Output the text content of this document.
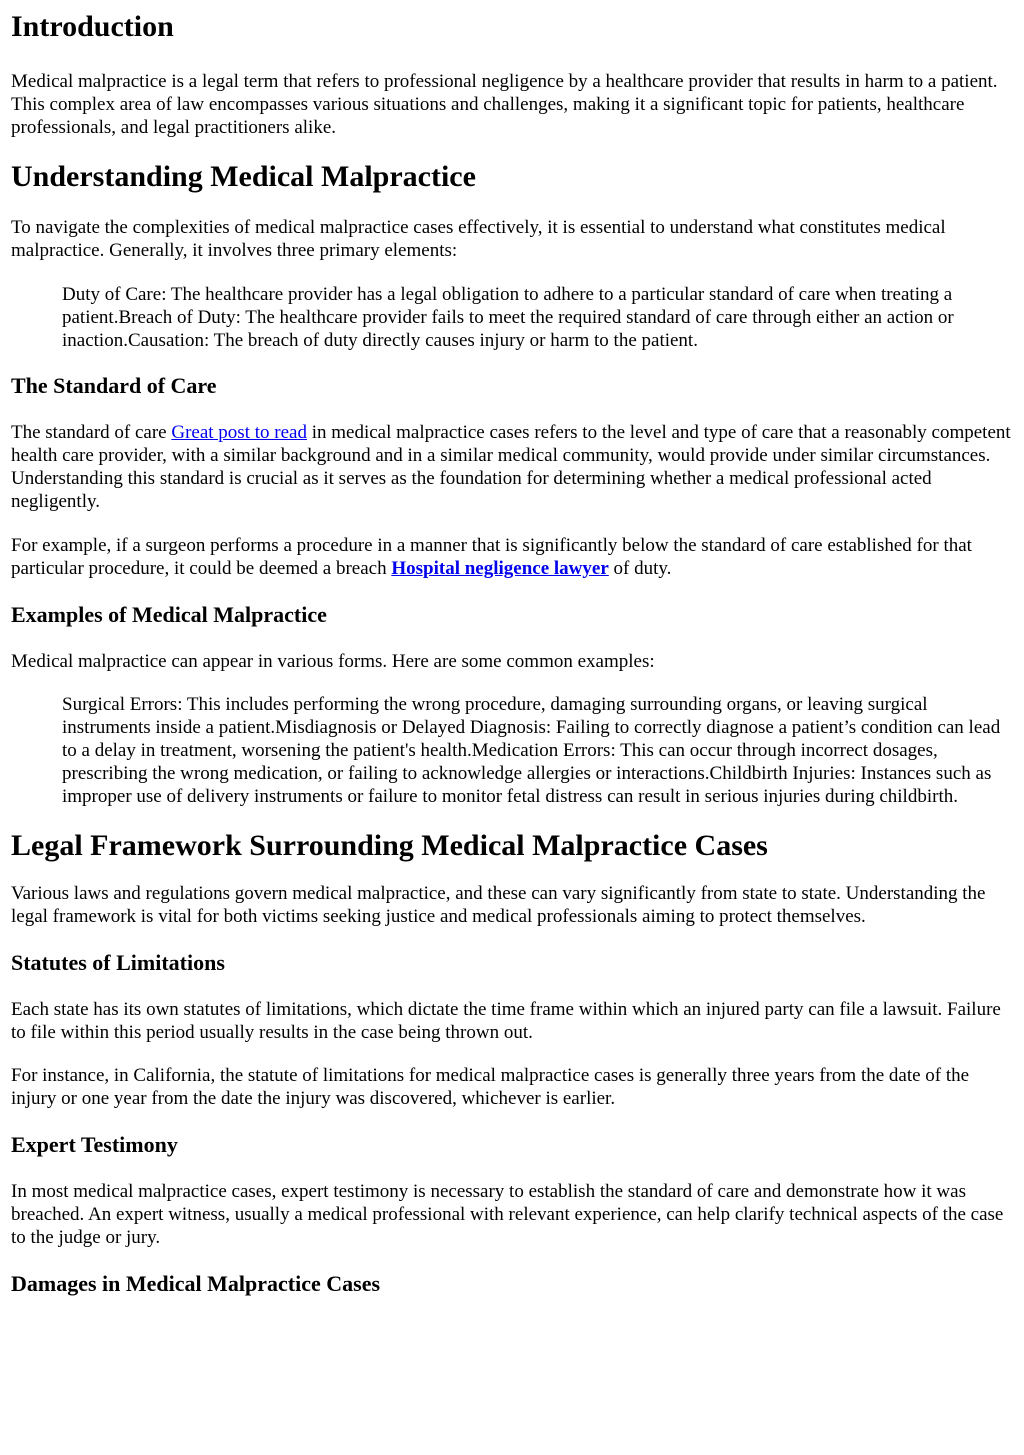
Introduction

Medical malpractice is a legal term that refers to professional negligence by a healthcare provider that results in harm to a patient. This complex area of law encompasses various situations and challenges, making it a significant topic for patients, healthcare professionals, and legal practitioners alike.

Understanding Medical Malpractice

To navigate the complexities of medical malpractice cases effectively, it is essential to understand what constitutes medical malpractice. Generally, it involves three primary elements:

Duty of Care: The healthcare provider has a legal obligation to adhere to a particular standard of care when treating a patient.Breach of Duty: The healthcare provider fails to meet the required standard of care through either an action or inaction.Causation: The breach of duty directly causes injury or harm to the patient.

The Standard of Care

The standard of care Great post to read in medical malpractice cases refers to the level and type of care that a reasonably competent health care provider, with a similar background and in a similar medical community, would provide under similar circumstances. Understanding this standard is crucial as it serves as the foundation for determining whether a medical professional acted negligently.

For example, if a surgeon performs a procedure in a manner that is significantly below the standard of care established for that particular procedure, it could be deemed a breach Hospital negligence lawyer of duty.

Examples of Medical Malpractice

Medical malpractice can appear in various forms. Here are some common examples:

Surgical Errors: This includes performing the wrong procedure, damaging surrounding organs, or leaving surgical instruments inside a patient.Misdiagnosis or Delayed Diagnosis: Failing to correctly diagnose a patient’s condition can lead to a delay in treatment, worsening the patient's health.Medication Errors: This can occur through incorrect dosages, prescribing the wrong medication, or failing to acknowledge allergies or interactions.Childbirth Injuries: Instances such as improper use of delivery instruments or failure to monitor fetal distress can result in serious injuries during childbirth.

Legal Framework Surrounding Medical Malpractice Cases

Various laws and regulations govern medical malpractice, and these can vary significantly from state to state. Understanding the legal framework is vital for both victims seeking justice and medical professionals aiming to protect themselves.

Statutes of Limitations

Each state has its own statutes of limitations, which dictate the time frame within which an injured party can file a lawsuit. Failure to file within this period usually results in the case being thrown out.

For instance, in California, the statute of limitations for medical malpractice cases is generally three years from the date of the injury or one year from the date the injury was discovered, whichever is earlier.

Expert Testimony

In most medical malpractice cases, expert testimony is necessary to establish the standard of care and demonstrate how it was breached. An expert witness, usually a medical professional with relevant experience, can help clarify technical aspects of the case to the judge or jury.

Damages in Medical Malpractice Cases
